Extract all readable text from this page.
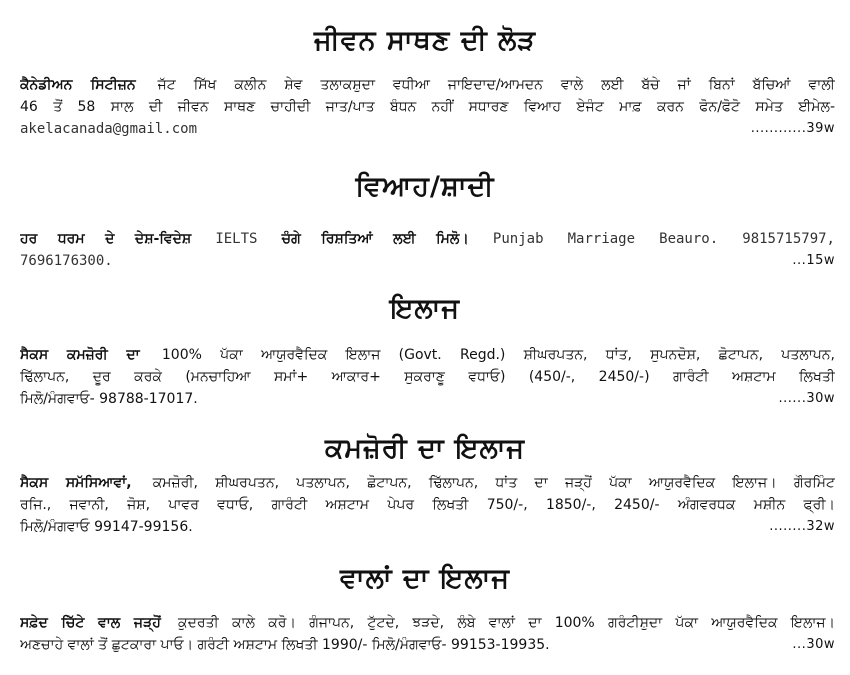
ਜੀਵਨ ਸਾਥਣ ਦੀ ਲੋੜ

ਕੈਨੇਡੀਅਨ ਸਿਟੀਜ਼ਨ ਜੱਟ ਸਿੱਖ ਕਲੀਨ ਸ਼ੇਵ ਤਲਾਕਸ਼ੁਦਾ ਵਧੀਆ ਜਾਇਦਾਦ/ਆਮਦਨ ਵਾਲੇ ਲਈ ਬੱਚੇ ਜਾਂ ਬਿਨਾਂ ਬੱਚਿਆਂ ਵਾਲੀ

46 ਤੋਂ 58 ਸਾਲ ਦੀ ਜੀਵਨ ਸਾਥਣ ਚਾਹੀਦੀ ਜਾਤ/ਪਾਤ ਬੰਧਨ ਨਹੀਂ ਸਧਾਰਣ ਵਿਆਹ ਏਜੰਟ ਮਾਫ਼ ਕਰਨ ਫੋਨ/ਫੋਟੋ ਸਮੇਤ ਈਮੇਲ-

akelacanada@gmail.com	............39w

ਵਿਆਹ/ਸ਼ਾਦੀ

ਹਰ ਧਰਮ ਦੇ ਦੇਸ਼-ਵਿਦੇਸ਼ IELTS ਚੰਗੇ ਰਿਸ਼ਤਿਆਂ ਲਈ ਮਿਲੋ। Punjab Marriage Beauro. 9815715797,

7696176300.	...15w

ਇਲਾਜ

ਸੈਕਸ ਕਮਜ਼ੋਰੀ ਦਾ 100% ਪੱਕਾ ਆਯੁਰਵੈਦਿਕ ਇਲਾਜ (Govt. Regd.) ਸ਼ੀਘਰਪਤਨ, ਧਾਂਤ, ਸੁਪਨਦੋਸ਼, ਛੋਟਾਪਨ, ਪਤਲਾਪਨ,

ਢਿੱਲਾਪਨ, ਦੂਰ ਕਰਕੇ (ਮਨਚਾਹਿਆ ਸਮਾਂ+ ਆਕਾਰ+ ਸੁਕਰਾਣੂ ਵਧਾਓ) (450/-, 2450/-) ਗਾਰੰਟੀ ਅਸ਼ਟਾਮ ਲਿਖਤੀ

ਮਿਲੋ/ਮੰਗਵਾਓ- 98788-17017.	......30w

ਕਮਜ਼ੋਰੀ ਦਾ ਇਲਾਜ

ਸੈਕਸ ਸਮੱਸਿਆਵਾਂ, ਕਮਜ਼ੋਰੀ, ਸ਼ੀਘਰਪਤਨ, ਪਤਲਾਪਨ, ਛੋਟਾਪਨ, ਢਿੱਲਾਪਨ, ਧਾਂਤ ਦਾ ਜੜ੍ਹੋਂ ਪੱਕਾ ਆਯੁਰਵੈਦਿਕ ਇਲਾਜ। ਗੌਰਮਿੰਟ

ਰਜਿ., ਜਵਾਨੀ, ਜੋਸ਼, ਪਾਵਰ ਵਧਾਓ, ਗਾਰੰਟੀ ਅਸ਼ਟਾਮ ਪੇਪਰ ਲਿਖਤੀ 750/-, 1850/-, 2450/- ਅੰਗਵਰਧਕ ਮਸ਼ੀਨ ਫ੍ਰੀ।

ਮਿਲੋ/ਮੰਗਵਾਓ 99147-99156.	........32w

ਵਾਲਾਂ ਦਾ ਇਲਾਜ

ਸਫ਼ੇਦ ਚਿੱਟੇ ਵਾਲ ਜੜ੍ਹੋਂ ਕੁਦਰਤੀ ਕਾਲੇ ਕਰੋ। ਗੰਜਾਪਨ, ਟੁੱਟਦੇ, ਝੜਦੇ, ਲੰਬੇ ਵਾਲਾਂ ਦਾ 100% ਗਰੰਟੀਸ਼ੁਦਾ ਪੱਕਾ ਆਯੁਰਵੈਦਿਕ ਇਲਾਜ।

ਅਣਚਾਹੇ ਵਾਲਾਂ ਤੋਂ ਛੁਟਕਾਰਾ ਪਾਓ। ਗਰੰਟੀ ਅਸ਼ਟਾਮ ਲਿਖਤੀ 1990/- ਮਿਲੋ/ਮੰਗਵਾਓ- 99153-19935.	...30w
